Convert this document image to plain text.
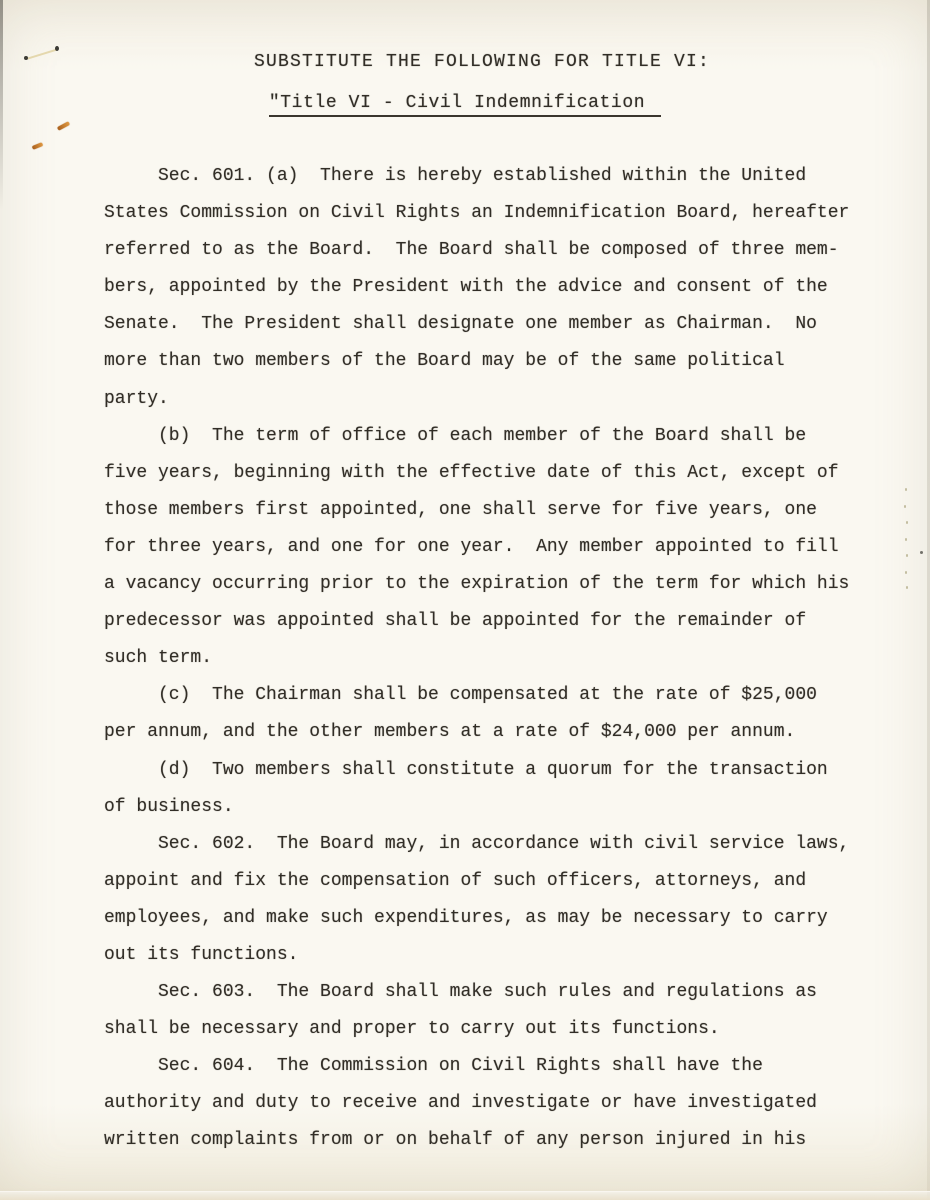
SUBSTITUTE THE FOLLOWING FOR TITLE VI:
"Title VI - Civil Indemnification
Sec. 601. (a)  There is hereby established within the United
States Commission on Civil Rights an Indemnification Board, hereafter
referred to as the Board.  The Board shall be composed of three mem-
bers, appointed by the President with the advice and consent of the
Senate.  The President shall designate one member as Chairman.  No
more than two members of the Board may be of the same political
party.
(b)  The term of office of each member of the Board shall be
five years, beginning with the effective date of this Act, except of
those members first appointed, one shall serve for five years, one
for three years, and one for one year.  Any member appointed to fill
a vacancy occurring prior to the expiration of the term for which his
predecessor was appointed shall be appointed for the remainder of
such term.
(c)  The Chairman shall be compensated at the rate of $25,000
per annum, and the other members at a rate of $24,000 per annum.
(d)  Two members shall constitute a quorum for the transaction
of business.
Sec. 602.  The Board may, in accordance with civil service laws,
appoint and fix the compensation of such officers, attorneys, and
employees, and make such expenditures, as may be necessary to carry
out its functions.
Sec. 603.  The Board shall make such rules and regulations as
shall be necessary and proper to carry out its functions.
Sec. 604.  The Commission on Civil Rights shall have the
authority and duty to receive and investigate or have investigated
written complaints from or on behalf of any person injured in his
